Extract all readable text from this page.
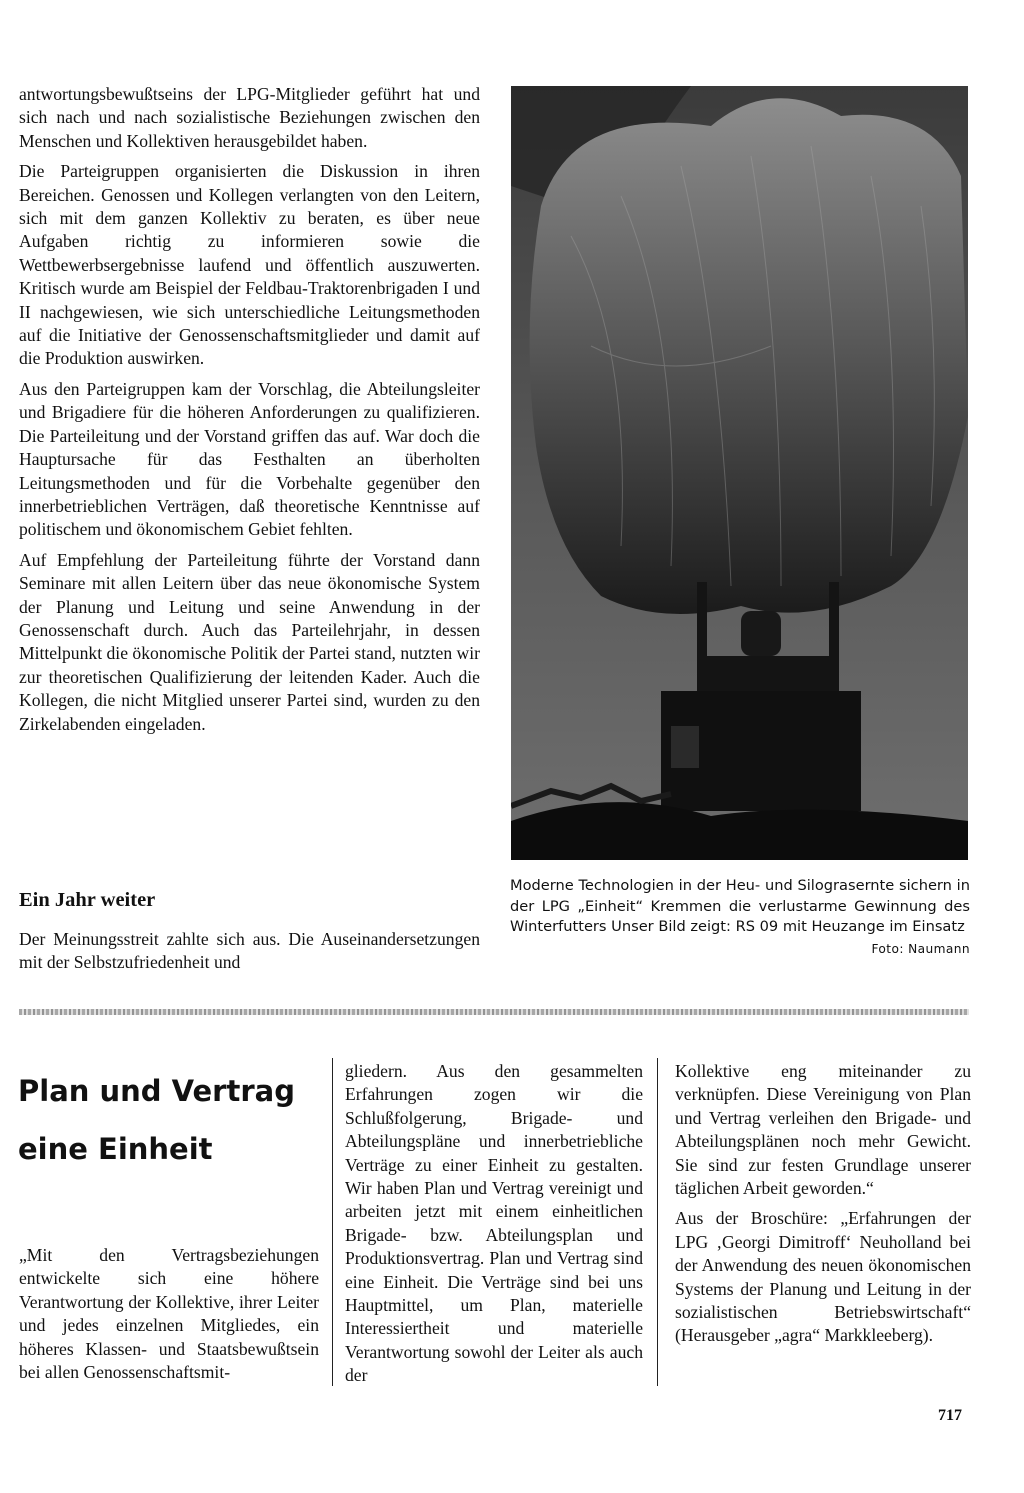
antwortungsbewußtseins der LPG-Mitglieder geführt hat und sich nach und nach sozialistische Beziehungen zwischen den Menschen und Kollektiven herausgebildet haben.

Die Parteigruppen organisierten die Diskussion in ihren Bereichen. Genossen und Kollegen verlangten von den Leitern, sich mit dem ganzen Kollektiv zu beraten, es über neue Aufgaben richtig zu informieren sowie die Wettbewerbsergebnisse laufend und öffentlich auszuwerten. Kritisch wurde am Beispiel der Feldbau-Traktorenbrigaden I und II nachgewiesen, wie sich unterschiedliche Leitungsmethoden auf die Initiative der Genossenschaftsmitglieder und damit auf die Produktion auswirken.

Aus den Parteigruppen kam der Vorschlag, die Abteilungsleiter und Brigadiere für die höheren Anforderungen zu qualifizieren. Die Parteileitung und der Vorstand griffen das auf. War doch die Hauptursache für das Festhalten an überholten Leitungsmethoden und für die Vorbehalte gegenüber den innerbetrieblichen Verträgen, daß theoretische Kenntnisse auf politischem und ökonomischem Gebiet fehlten.

Auf Empfehlung der Parteileitung führte der Vorstand dann Seminare mit allen Leitern über das neue ökonomische System der Planung und Leitung und seine Anwendung in der Genossenschaft durch. Auch das Parteilehrjahr, in dessen Mittelpunkt die ökonomische Politik der Partei stand, nutzten wir zur theoretischen Qualifizierung der leitenden Kader. Auch die Kollegen, die nicht Mitglied unserer Partei sind, wurden zu den Zirkelabenden eingeladen.

Moderne Technologien in der Heu- und Silograsernte sichern in der LPG „Einheit“ Kremmen die verlustarme Gewinnung des Winterfutters Unser Bild zeigt: RS 09 mit Heuzange im Einsatz
Foto: Naumann
Ein Jahr weiter

Der Meinungsstreit zahlte sich aus. Die Auseinandersetzungen mit der Selbstzufriedenheit und

Plan und Vertrag
eine Einheit

„Mit den Vertragsbeziehungen entwickelte sich eine höhere Verantwortung der Kollektive, ihrer Leiter und jedes einzelnen Mitgliedes, ein höheres Klassen- und Staatsbewußtsein bei allen Genossenschaftsmit-

gliedern. Aus den gesammelten Erfahrungen zogen wir die Schlußfolgerung, Brigade- und Abteilungspläne und innerbetriebliche Verträge zu einer Einheit zu gestalten. Wir haben Plan und Vertrag vereinigt und arbeiten jetzt mit einem einheitlichen Brigade- bzw. Abteilungsplan und Produktionsvertrag. Plan und Vertrag sind eine Einheit. Die Verträge sind bei uns Hauptmittel, um Plan, materielle Interessiertheit und materielle Verantwortung sowohl der Leiter als auch der

Kollektive eng miteinander zu verknüpfen. Diese Vereinigung von Plan und Vertrag verleihen den Brigade- und Abteilungsplänen noch mehr Gewicht. Sie sind zur festen Grundlage unserer täglichen Arbeit geworden.“

Aus der Broschüre: „Erfahrungen der LPG ‚Georgi Dimitroff‘ Neuholland bei der Anwendung des neuen ökonomischen Systems der Planung und Leitung in der sozialistischen Betriebswirtschaft“ (Herausgeber „agra“ Markkleeberg).

717
